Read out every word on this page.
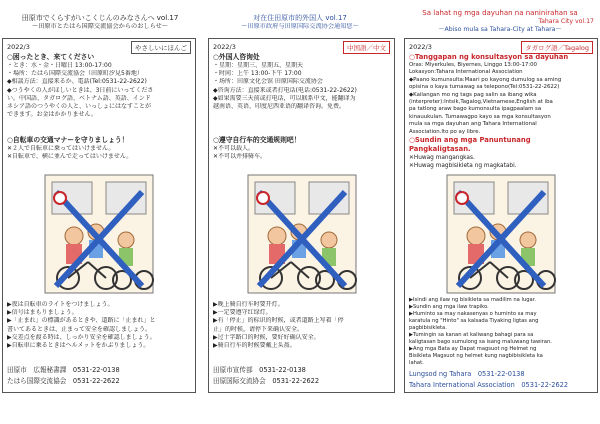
田原市でくらすがいこくじんのみなさんへ vol.17
～田原市とたはら国際交流協会からのおしらせ～
2022/3	やさしいにほんご
○困ったとき、来てください
・とき：水・金・日曜日 13:00-17:00
・場所：たはら国際交流協会（田原町汐見5番地）
◆相談方法：直接来るか、電話(Tel:0531-22-2622)
◆つうやくの人がほしいときは、3日前にいってくださ
い。中国語、タガログ語、ベトナム語、英語、インド
ネシア語のつうやくの人と、いっしょにはなすことが
できます。お金はかかりません。
○自転車の交通マナーを守りましょう！
✕２人で自転車に乗ってはいけません。
✕自転車で、横に並んで走ってはいけません。
▶夜は自転車のライトをつけましょう。
▶信号はまもりましょう。
▶「止まれ」の標識があるときや、道路に「止まれ」と
書いてあるときは、止まって安全を確認しましょう。
▶交差点を渡る時は、しっかり安全を確認しましょう。
▶自転車に乗るときはヘルメットをかぶりましょう。
田原市　広報秘書課　0531-22-0138
たはら国際交流協会　0531-22-2622
对在住田原市的外国人 vol.17
～田原市政府与田原国际交流协会通知您～
2022/3	中国語／中文
○外国人咨询处
・星期：星期三、星期五、星期天
・时间：上午 13:00-下午 17:00
・场所：田原文化会馆 田原国际交流协会
◆咨询方法：直接来或者打电话(电话:0531-22-2622)
◆如果需要三天前或打电话，可以联系中文，能翻译为
越南语、英语、印度尼西亚语的翻译咨询。免费。
○遵守自行车的交通规则吧！
✕不可以载人。
✕不可以并排骑车。
▶晚上骑自行车时要开灯。
▶一定要遵守红绿灯。
▶有「停止」的标识的时候，或者道路上写着「停
止」的时候，请停下来确认安全。
▶过十字路口的时候，要好好确认安全。
▶骑自行车的时候要戴上头盔。
田原市宣传部　0531-22-0138
田原国际交流协会　0531-22-2622
Sa lahat ng mga dayuhan na naninirahan sa
Tahara City vol.17
～Abiso mula sa Tahara-City at Tahara～
2022/3	タガログ語／Tagalog
○Tanggapan ng konsultasyon sa dayuhan
Oras: Miyerkules, Biyernes, Linggo 13:00-17:00
Lokasyon:Tahara International Association
◆Paano kumunsulta:Maari po kayong dumulog sa aming
opisina o kaya tumawag sa telepono(Tel:0531-22-2622)
◆Kailangan mo ng tags pag salin sa ibang wika
(interpreter):Intsik,Tagalog,Vietnamese,English at iba
pa tatlong araw bago kumonsulta ipagpaalam sa
kinauukulan. Tumawagpo kayo sa mga konsultasyon
mula sa mga dayuhan ang Tahara International
Association.Ito po ay libre.
○Sundin ang mga Panuntunang Pangkaligtasan.
✕Huwag mangangkas.
✕Huwag magbisikleta ng magkatabi.
▶Isindi ang ilaw ng bisikleta sa madilim na lugar.
▶Sundin ang mga ilaw trapiko.
▶Huminto sa may nakasenyas o huminto sa may
karatula ng "Hinto" sa kalsada Tiyaking ligtas ang
pagbibisikleta.
▶Tumingin sa kanan at kaliwang bahagi para sa
kaligtasan bago sumulong sa isang maluwang tawiran.
▶Ang mga Bata ay Dapat magsuot ng Helmet ng
Bisikleta Magsuot ng helmet kung nagbibisikleta ka
lahat.
Lungsod ng Tahara　0531-22-0138
Tahara International Association　0531-22-2622
